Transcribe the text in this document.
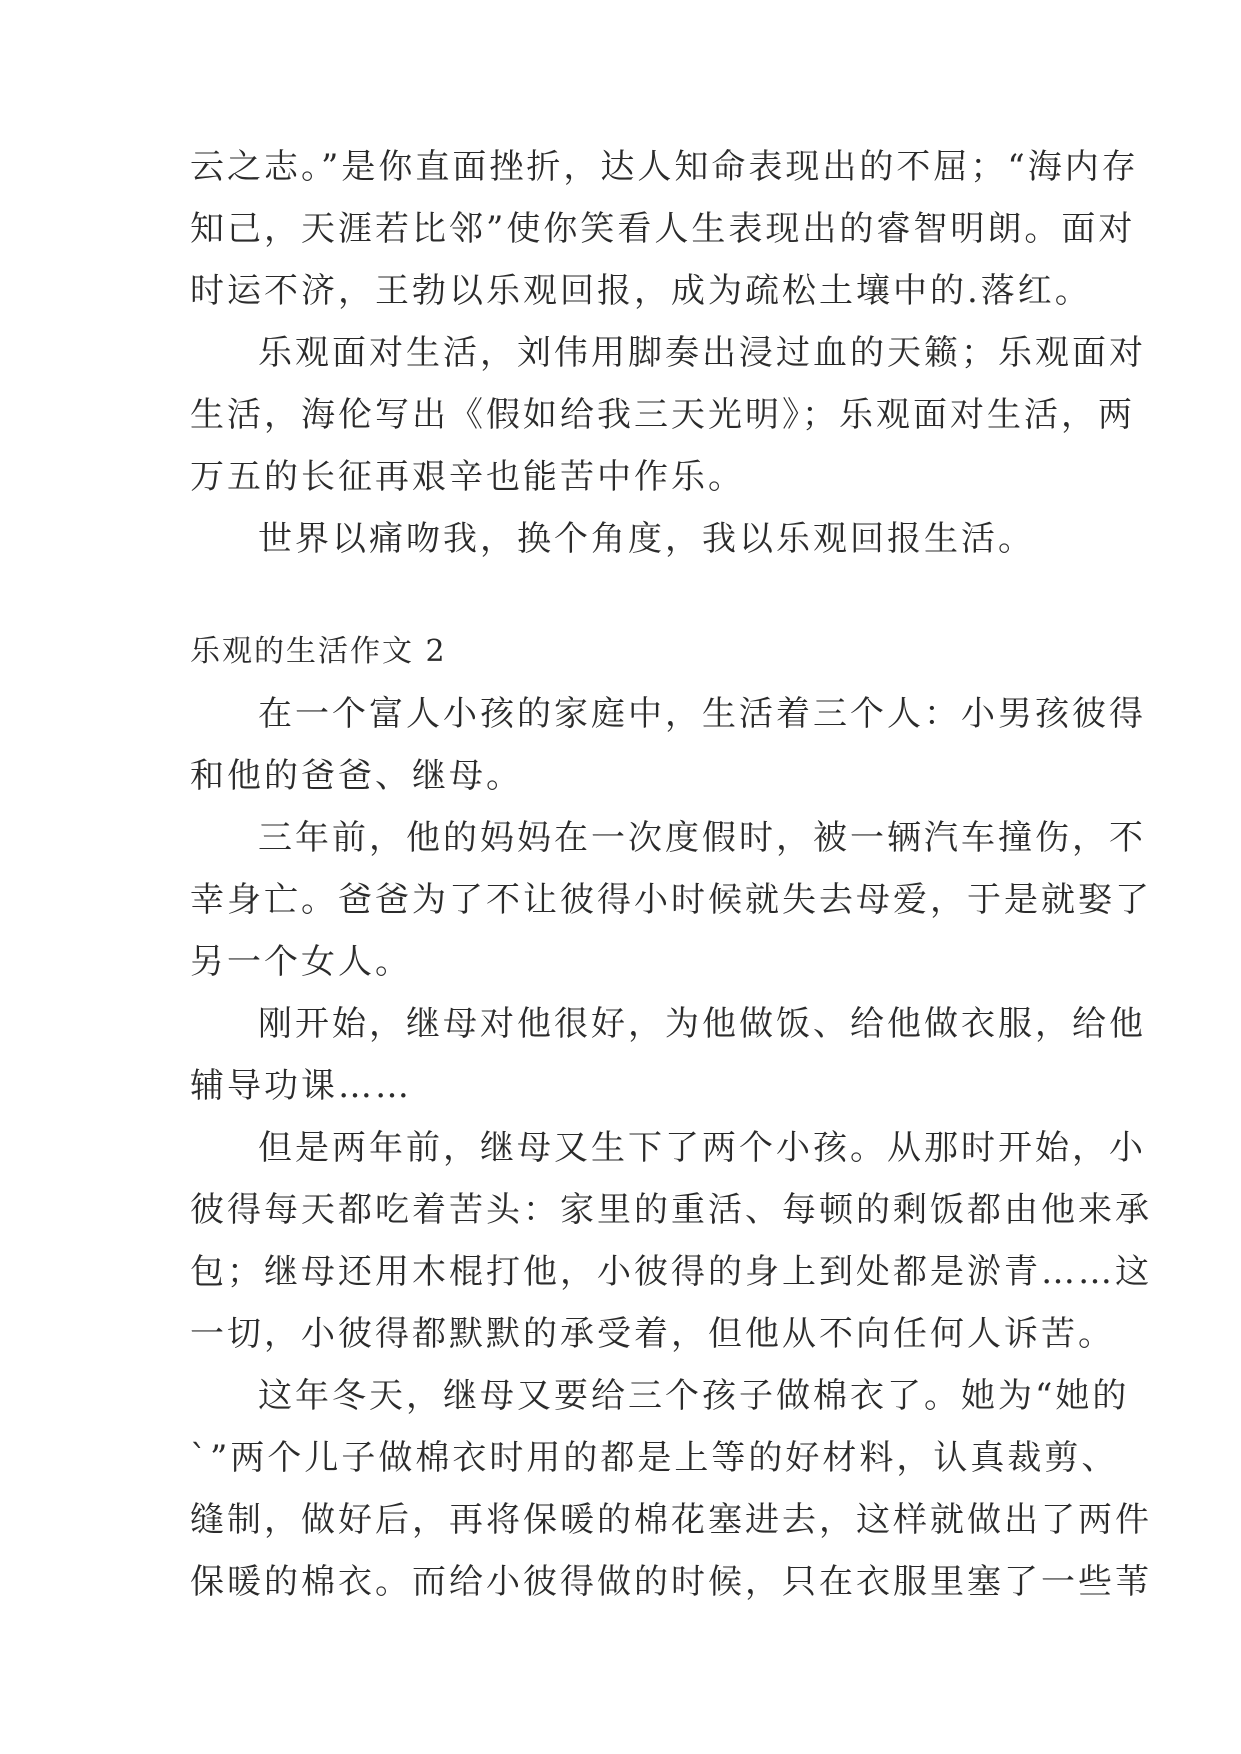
云之志。”是你直面挫折，达人知命表现出的不屈；“海内存
知己，天涯若比邻”使你笑看人生表现出的睿智明朗。面对
时运不济，王勃以乐观回报，成为疏松土壤中的.落红。
乐观面对生活，刘伟用脚奏出浸过血的天籁；乐观面对
生活，海伦写出《假如给我三天光明》；乐观面对生活，两
万五的长征再艰辛也能苦中作乐。
世界以痛吻我，换个角度，我以乐观回报生活。
乐观的生活作文 2
在一个富人小孩的家庭中，生活着三个人：小男孩彼得
和他的爸爸、继母。
三年前，他的妈妈在一次度假时，被一辆汽车撞伤，不
幸身亡。爸爸为了不让彼得小时候就失去母爱，于是就娶了
另一个女人。
刚开始，继母对他很好，为他做饭、给他做衣服，给他
辅导功课……
但是两年前，继母又生下了两个小孩。从那时开始，小
彼得每天都吃着苦头：家里的重活、每顿的剩饭都由他来承
包；继母还用木棍打他，小彼得的身上到处都是淤青……这
一切，小彼得都默默的承受着，但他从不向任何人诉苦。
这年冬天，继母又要给三个孩子做棉衣了。她为“她的
`”两个儿子做棉衣时用的都是上等的好材料，认真裁剪、
缝制，做好后，再将保暖的棉花塞进去，这样就做出了两件
保暖的棉衣。而给小彼得做的时候，只在衣服里塞了一些苇
